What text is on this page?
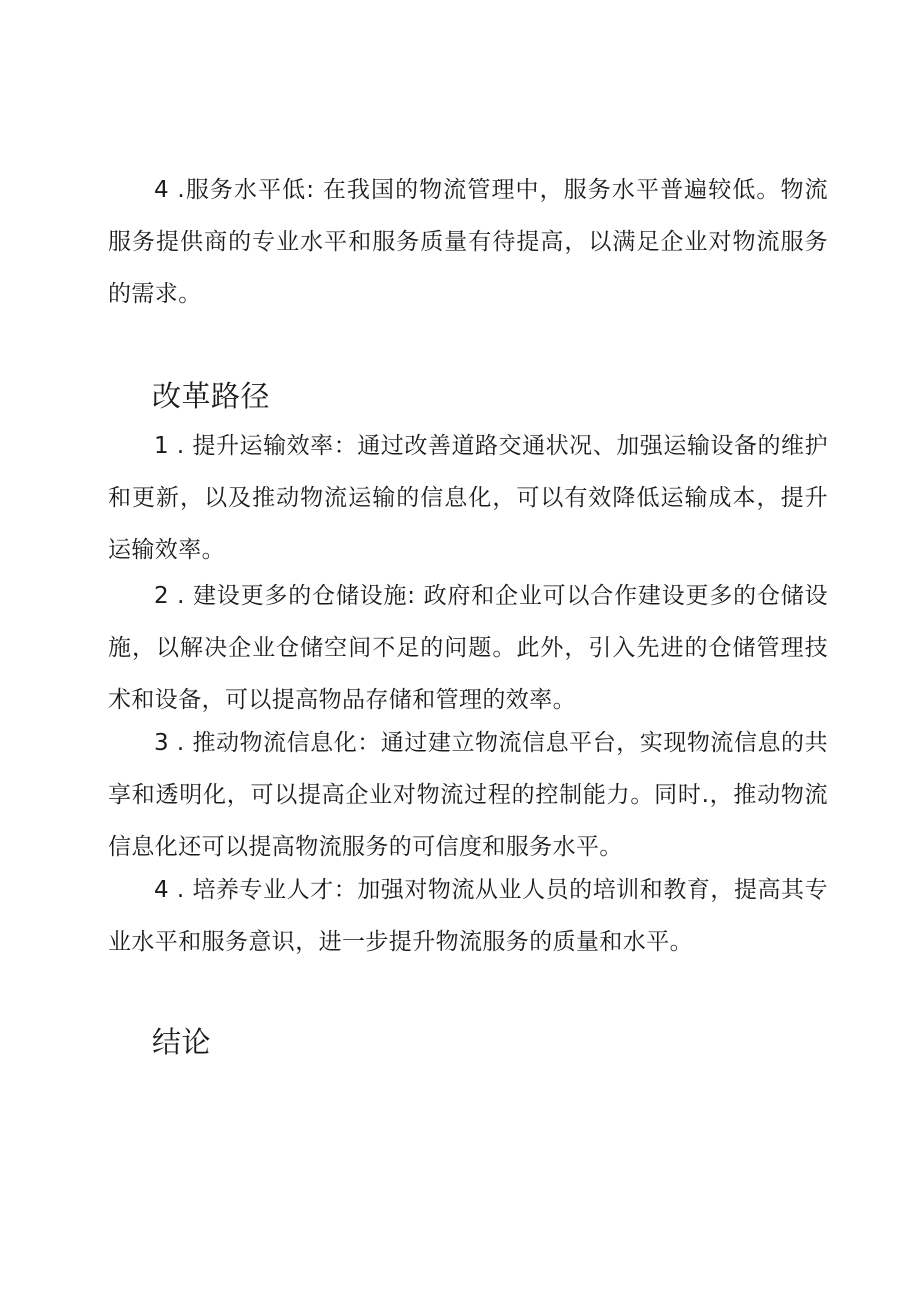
4 .服务水平低: 在我国的物流管理中，服务水平普遍较低。物流服务提供商的专业水平和服务质量有待提高，以满足企业对物流服务的需求。

改革路径

1 . 提升运输效率：通过改善道路交通状况、加强运输设备的维护和更新，以及推动物流运输的信息化，可以有效降低运输成本，提升运输效率。

2 . 建设更多的仓储设施: 政府和企业可以合作建设更多的仓储设施，以解决企业仓储空间不足的问题。此外，引入先进的仓储管理技术和设备，可以提高物品存储和管理的效率。

3 . 推动物流信息化：通过建立物流信息平台，实现物流信息的共享和透明化，可以提高企业对物流过程的控制能力。同时.，推动物流信息化还可以提高物流服务的可信度和服务水平。

4 . 培养专业人才：加强对物流从业人员的培训和教育，提高其专业水平和服务意识，进一步提升物流服务的质量和水平。

结论
